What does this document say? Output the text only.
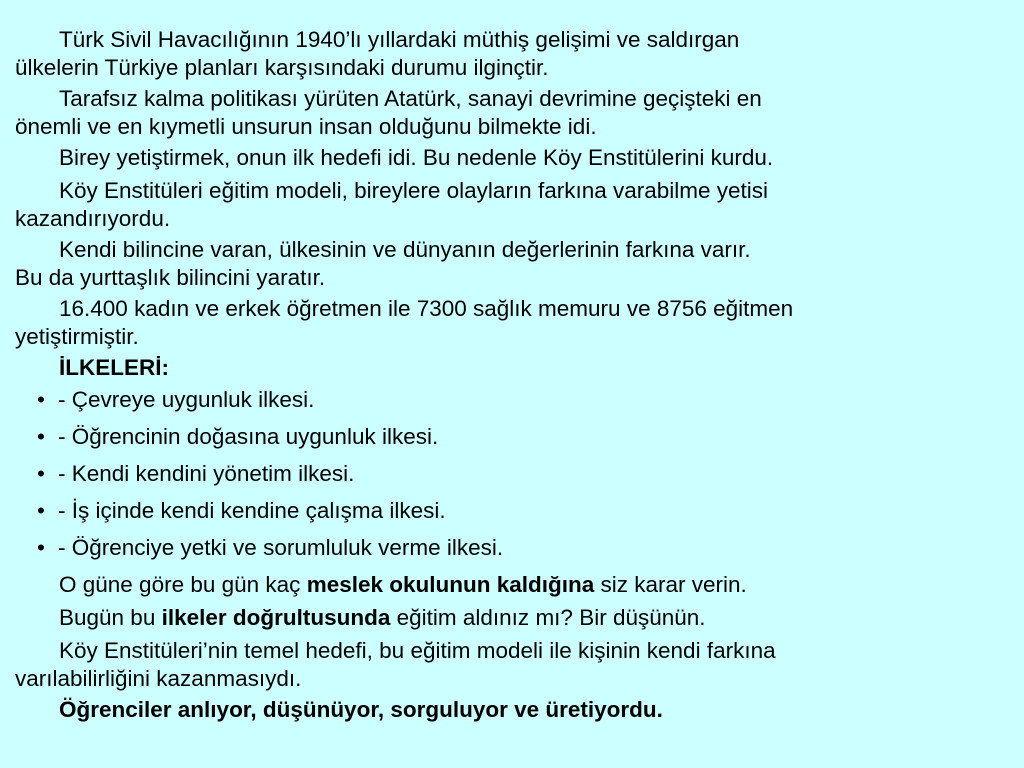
Türk Sivil Havacılığının 1940’lı yıllardaki müthiş gelişimi ve saldırgan
ülkelerin Türkiye planları karşısındaki durumu ilginçtir.

Tarafsız kalma politikası yürüten Atatürk, sanayi devrimine geçişteki en
önemli ve en kıymetli unsurun insan olduğunu bilmekte idi.

Birey yetiştirmek, onun ilk hedefi idi. Bu nedenle Köy Enstitülerini kurdu.

Köy Enstitüleri eğitim modeli, bireylere olayların farkına varabilme yetisi
kazandırıyordu.

Kendi bilincine varan, ülkesinin ve dünyanın değerlerinin farkına varır.
Bu da yurttaşlık bilincini yaratır.

16.400 kadın ve erkek öğretmen ile 7300 sağlık memuru ve 8756 eğitmen
yetiştirmiştir.

İLKELERİ:

• - Çevreye uygunluk ilkesi.
• - Öğrencinin doğasına uygunluk ilkesi.
• - Kendi kendini yönetim ilkesi.
• - İş içinde kendi kendine çalışma ilkesi.
• - Öğrenciye yetki ve sorumluluk verme ilkesi.

O güne göre bu gün kaç meslek okulunun kaldığına siz karar verin.

Bugün bu ilkeler doğrultusunda eğitim aldınız mı? Bir düşünün.

Köy Enstitüleri’nin temel hedefi, bu eğitim modeli ile kişinin kendi farkına
varılabilirliğini kazanmasıydı.

Öğrenciler anlıyor, düşünüyor, sorguluyor ve üretiyordu.
